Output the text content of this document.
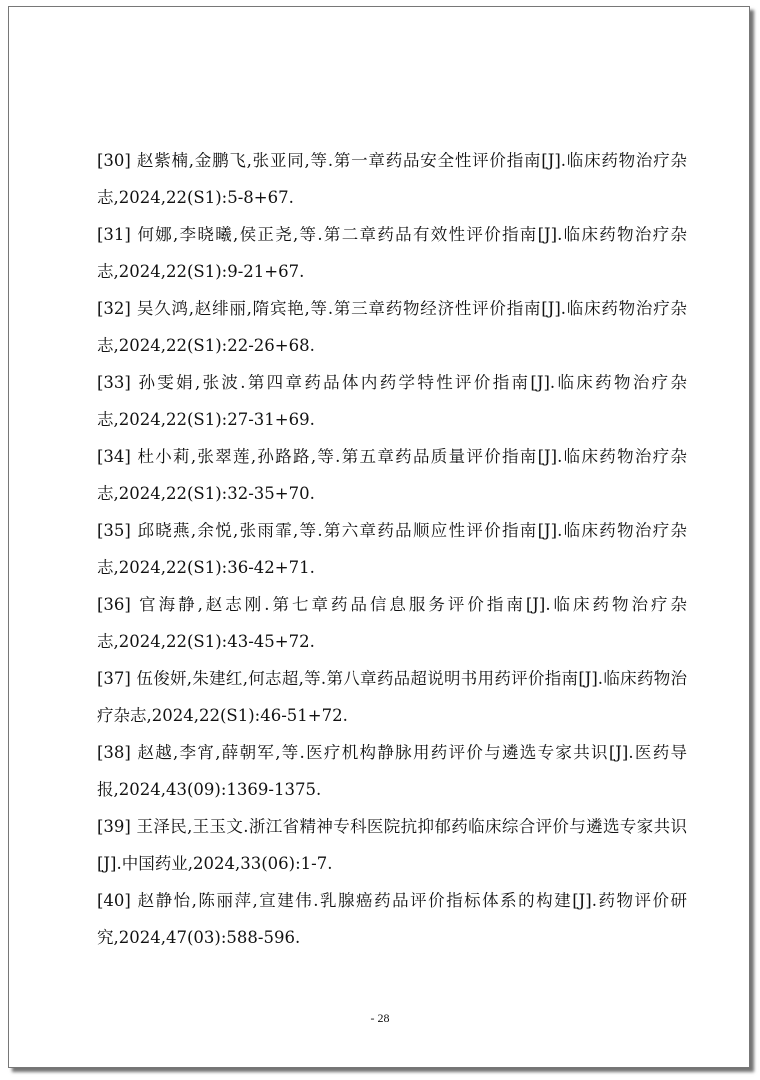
[30] 赵紫楠,金鹏飞,张亚同,等.第一章药品安全性评价指南[J].临床药物治疗杂志,2024,22(S1):5-8+67.

[31] 何娜,李晓曦,侯正尧,等.第二章药品有效性评价指南[J].临床药物治疗杂志,2024,22(S1):9-21+67.

[32] 吴久鸿,赵绯丽,隋宾艳,等.第三章药物经济性评价指南[J].临床药物治疗杂志,2024,22(S1):22-26+68.

[33] 孙雯娟,张波.第四章药品体内药学特性评价指南[J].临床药物治疗杂志,2024,22(S1):27-31+69.

[34] 杜小莉,张翠莲,孙路路,等.第五章药品质量评价指南[J].临床药物治疗杂志,2024,22(S1):32-35+70.

[35] 邱晓燕,余悦,张雨霏,等.第六章药品顺应性评价指南[J].临床药物治疗杂志,2024,22(S1):36-42+71.

[36] 官海静,赵志刚.第七章药品信息服务评价指南[J].临床药物治疗杂志,2024,22(S1):43-45+72.

[37] 伍俊妍,朱建红,何志超,等.第八章药品超说明书用药评价指南[J].临床药物治疗杂志,2024,22(S1):46-51+72.

[38] 赵越,李宵,薛朝军,等.医疗机构静脉用药评价与遴选专家共识[J].医药导报,2024,43(09):1369-1375.

[39] 王泽民,王玉文.浙江省精神专科医院抗抑郁药临床综合评价与遴选专家共识[J].中国药业,2024,33(06):1-7.

[40] 赵静怡,陈丽萍,宣建伟.乳腺癌药品评价指标体系的构建[J].药物评价研究,2024,47(03):588-596.

- 28
